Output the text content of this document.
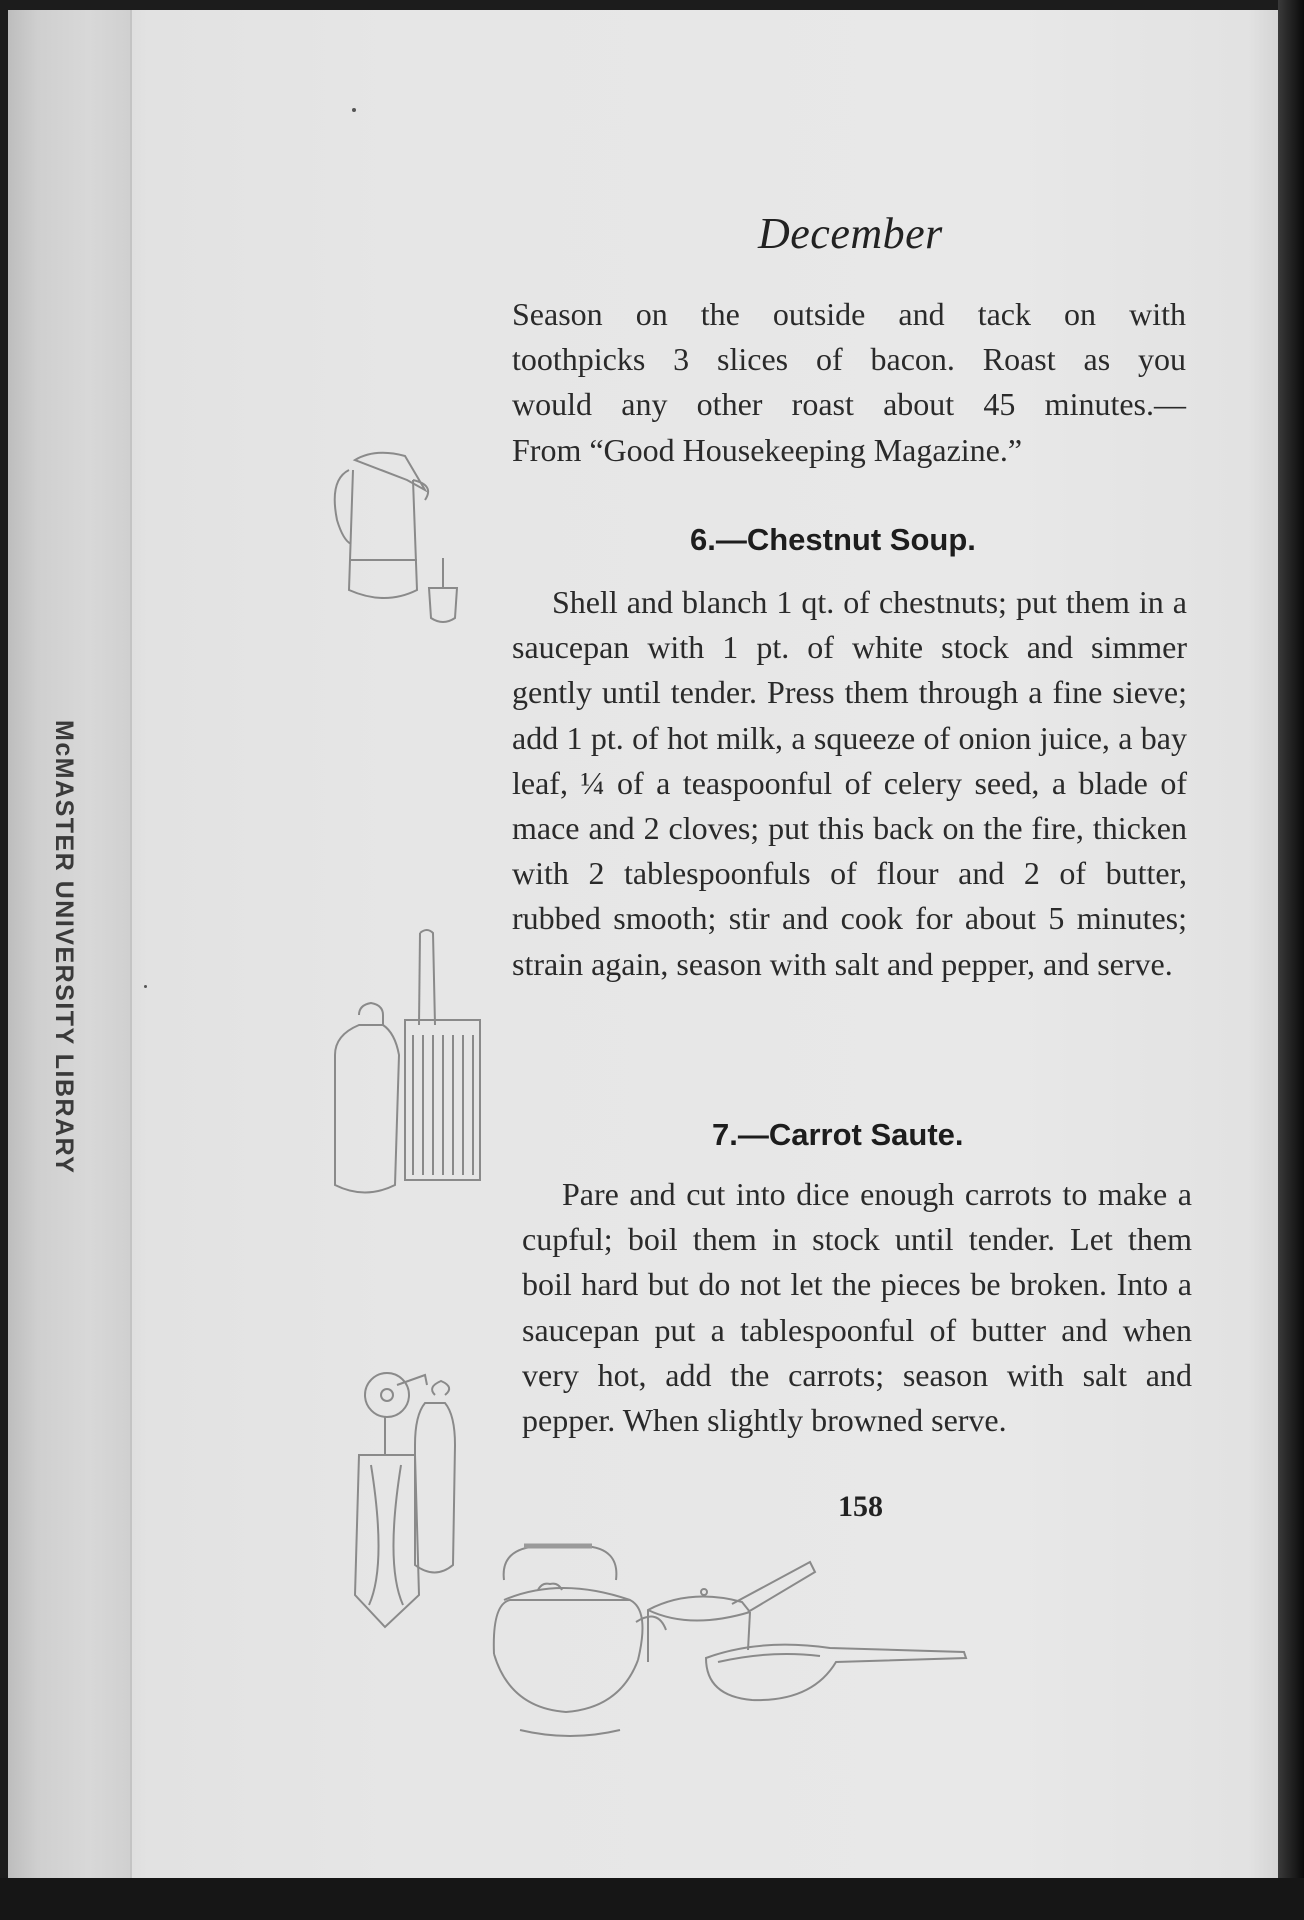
McMASTER UNIVERSITY LIBRARY
December
Season on the outside and tack on with
toothpicks 3 slices of bacon. Roast as you
would any other roast about 45 minutes.—
From “Good Housekeeping Magazine.”
6.—Chestnut Soup.

Shell and blanch 1 qt. of chestnuts; put them in a saucepan with 1 pt. of white stock and simmer gently until tender. Press them through a fine sieve; add 1 pt. of hot milk, a squeeze of onion juice, a bay leaf, ¼ of a teaspoonful of celery seed, a blade of mace and 2 cloves; put this back on the fire, thicken with 2 tablespoonfuls of flour and 2 of butter, rubbed smooth; stir and cook for about 5 minutes; strain again, season with salt and pepper, and serve.

7.—Carrot Saute.

Pare and cut into dice enough carrots to make a cupful; boil them in stock until tender. Let them boil hard but do not let the pieces be broken. Into a saucepan put a tablespoonful of butter and when very hot, add the carrots; season with salt and pepper. When slightly browned serve.

158
